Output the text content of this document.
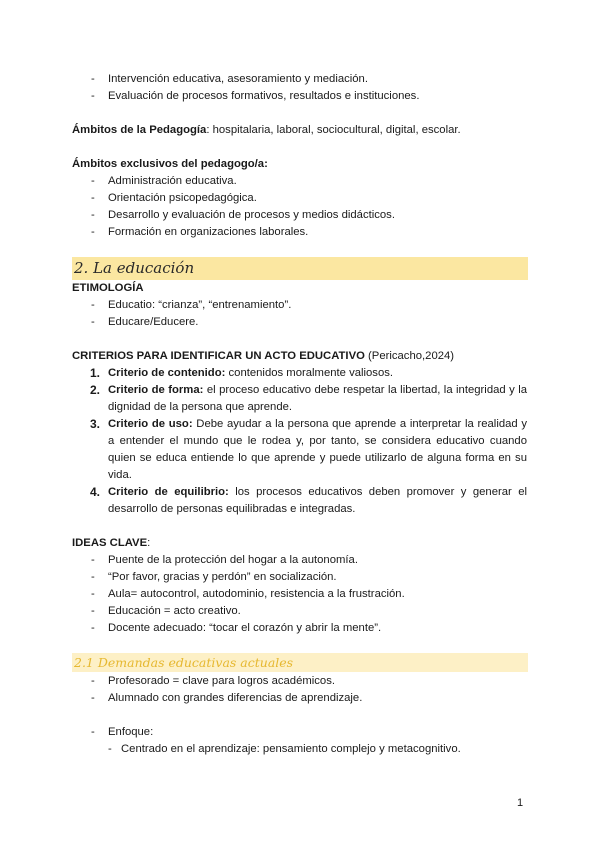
- Intervención educativa, asesoramiento y mediación.
- Evaluación de procesos formativos, resultados e instituciones.
Ámbitos de la Pedagogía: hospitalaria, laboral, sociocultural, digital, escolar.
Ámbitos exclusivos del pedagogo/a:
- Administración educativa.
- Orientación psicopedagógica.
- Desarrollo y evaluación de procesos y medios didácticos.
- Formación en organizaciones laborales.
2. La educación
ETIMOLOGÍA
- Educatio: “crianza”, “entrenamiento”.
- Educare/Educere.
CRITERIOS PARA IDENTIFICAR UN ACTO EDUCATIVO (Pericacho,2024)
1. Criterio de contenido: contenidos moralmente valiosos.
2. Criterio de forma: el proceso educativo debe respetar la libertad, la integridad y la dignidad de la persona que aprende.
3. Criterio de uso: Debe ayudar a la persona que aprende a interpretar la realidad y a entender el mundo que le rodea y, por tanto, se considera educativo cuando quien se educa entiende lo que aprende y puede utilizarlo de alguna forma en su vida.
4. Criterio de equilibrio: los procesos educativos deben promover y generar el desarrollo de personas equilibradas e integradas.
IDEAS CLAVE:
- Puente de la protección del hogar a la autonomía.
- “Por favor, gracias y perdón” en socialización.
- Aula= autocontrol, autodominio, resistencia a la frustración.
- Educación = acto creativo.
- Docente adecuado: “tocar el corazón y abrir la mente”.
2.1 Demandas educativas actuales
- Profesorado = clave para logros académicos.
- Alumnado con grandes diferencias de aprendizaje.
- Enfoque:
- Centrado en el aprendizaje: pensamiento complejo y metacognitivo.
1
